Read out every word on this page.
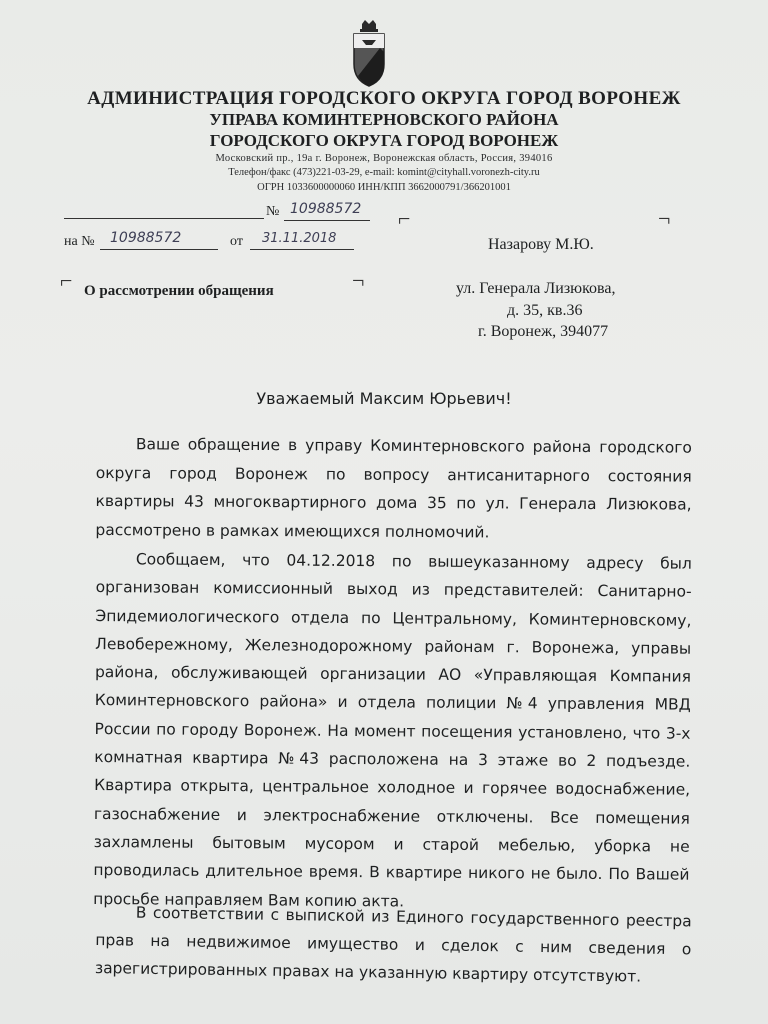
АДМИНИСТРАЦИЯ ГОРОДСКОГО ОКРУГА ГОРОД ВОРОНЕЖ
УПРАВА КОМИНТЕРНОВСКОГО РАЙОНА
ГОРОДСКОГО ОКРУГА ГОРОД ВОРОНЕЖ
Московский пр., 19а г. Воронеж, Воронежская область, Россия, 394016
Телефон/факс (473)221-03-29, e-mail: komint@cityhall.voronezh-city.ru
ОГРН 1033600000060 ИНН/КПП 3662000791/366201001
№ 10988572
на № 10988572	от 31.11.2018
⌐	¬
⌐ О рассмотрении обращения	¬
Назарову М.Ю.
ул. Генерала Лизюкова,
д. 35, кв.36
г. Воронеж, 394077
Уважаемый Максим Юрьевич!
Ваше обращение в управу Коминтерновского района городского округа город Воронеж по вопросу антисанитарного состояния квартиры 43 многоквартирного дома 35 по ул. Генерала Лизюкова, рассмотрено в рамках имеющихся полномочий.
Сообщаем, что 04.12.2018 по вышеуказанному адресу был организован комиссионный выход из представителей: Санитарно-Эпидемиологического отдела по Центральному, Коминтерновскому, Левобережному, Железнодорожному районам г. Воронежа, управы района, обслуживающей организации АО «Управляющая Компания Коминтерновского района» и отдела полиции №4 управления МВД России по городу Воронеж. На момент посещения установлено, что 3-х комнатная квартира №43 расположена на 3 этаже во 2 подъезде. Квартира открыта, центральное холодное и горячее водоснабжение, газоснабжение и электроснабжение отключены. Все помещения захламлены бытовым мусором и старой мебелью, уборка не проводилась длительное время. В квартире никого не было. По Вашей просьбе направляем Вам копию акта.
В соответствии с выпиской из Единого государственного реестра прав на недвижимое имущество и сделок с ним сведения о зарегистрированных правах на указанную квартиру отсутствуют.
